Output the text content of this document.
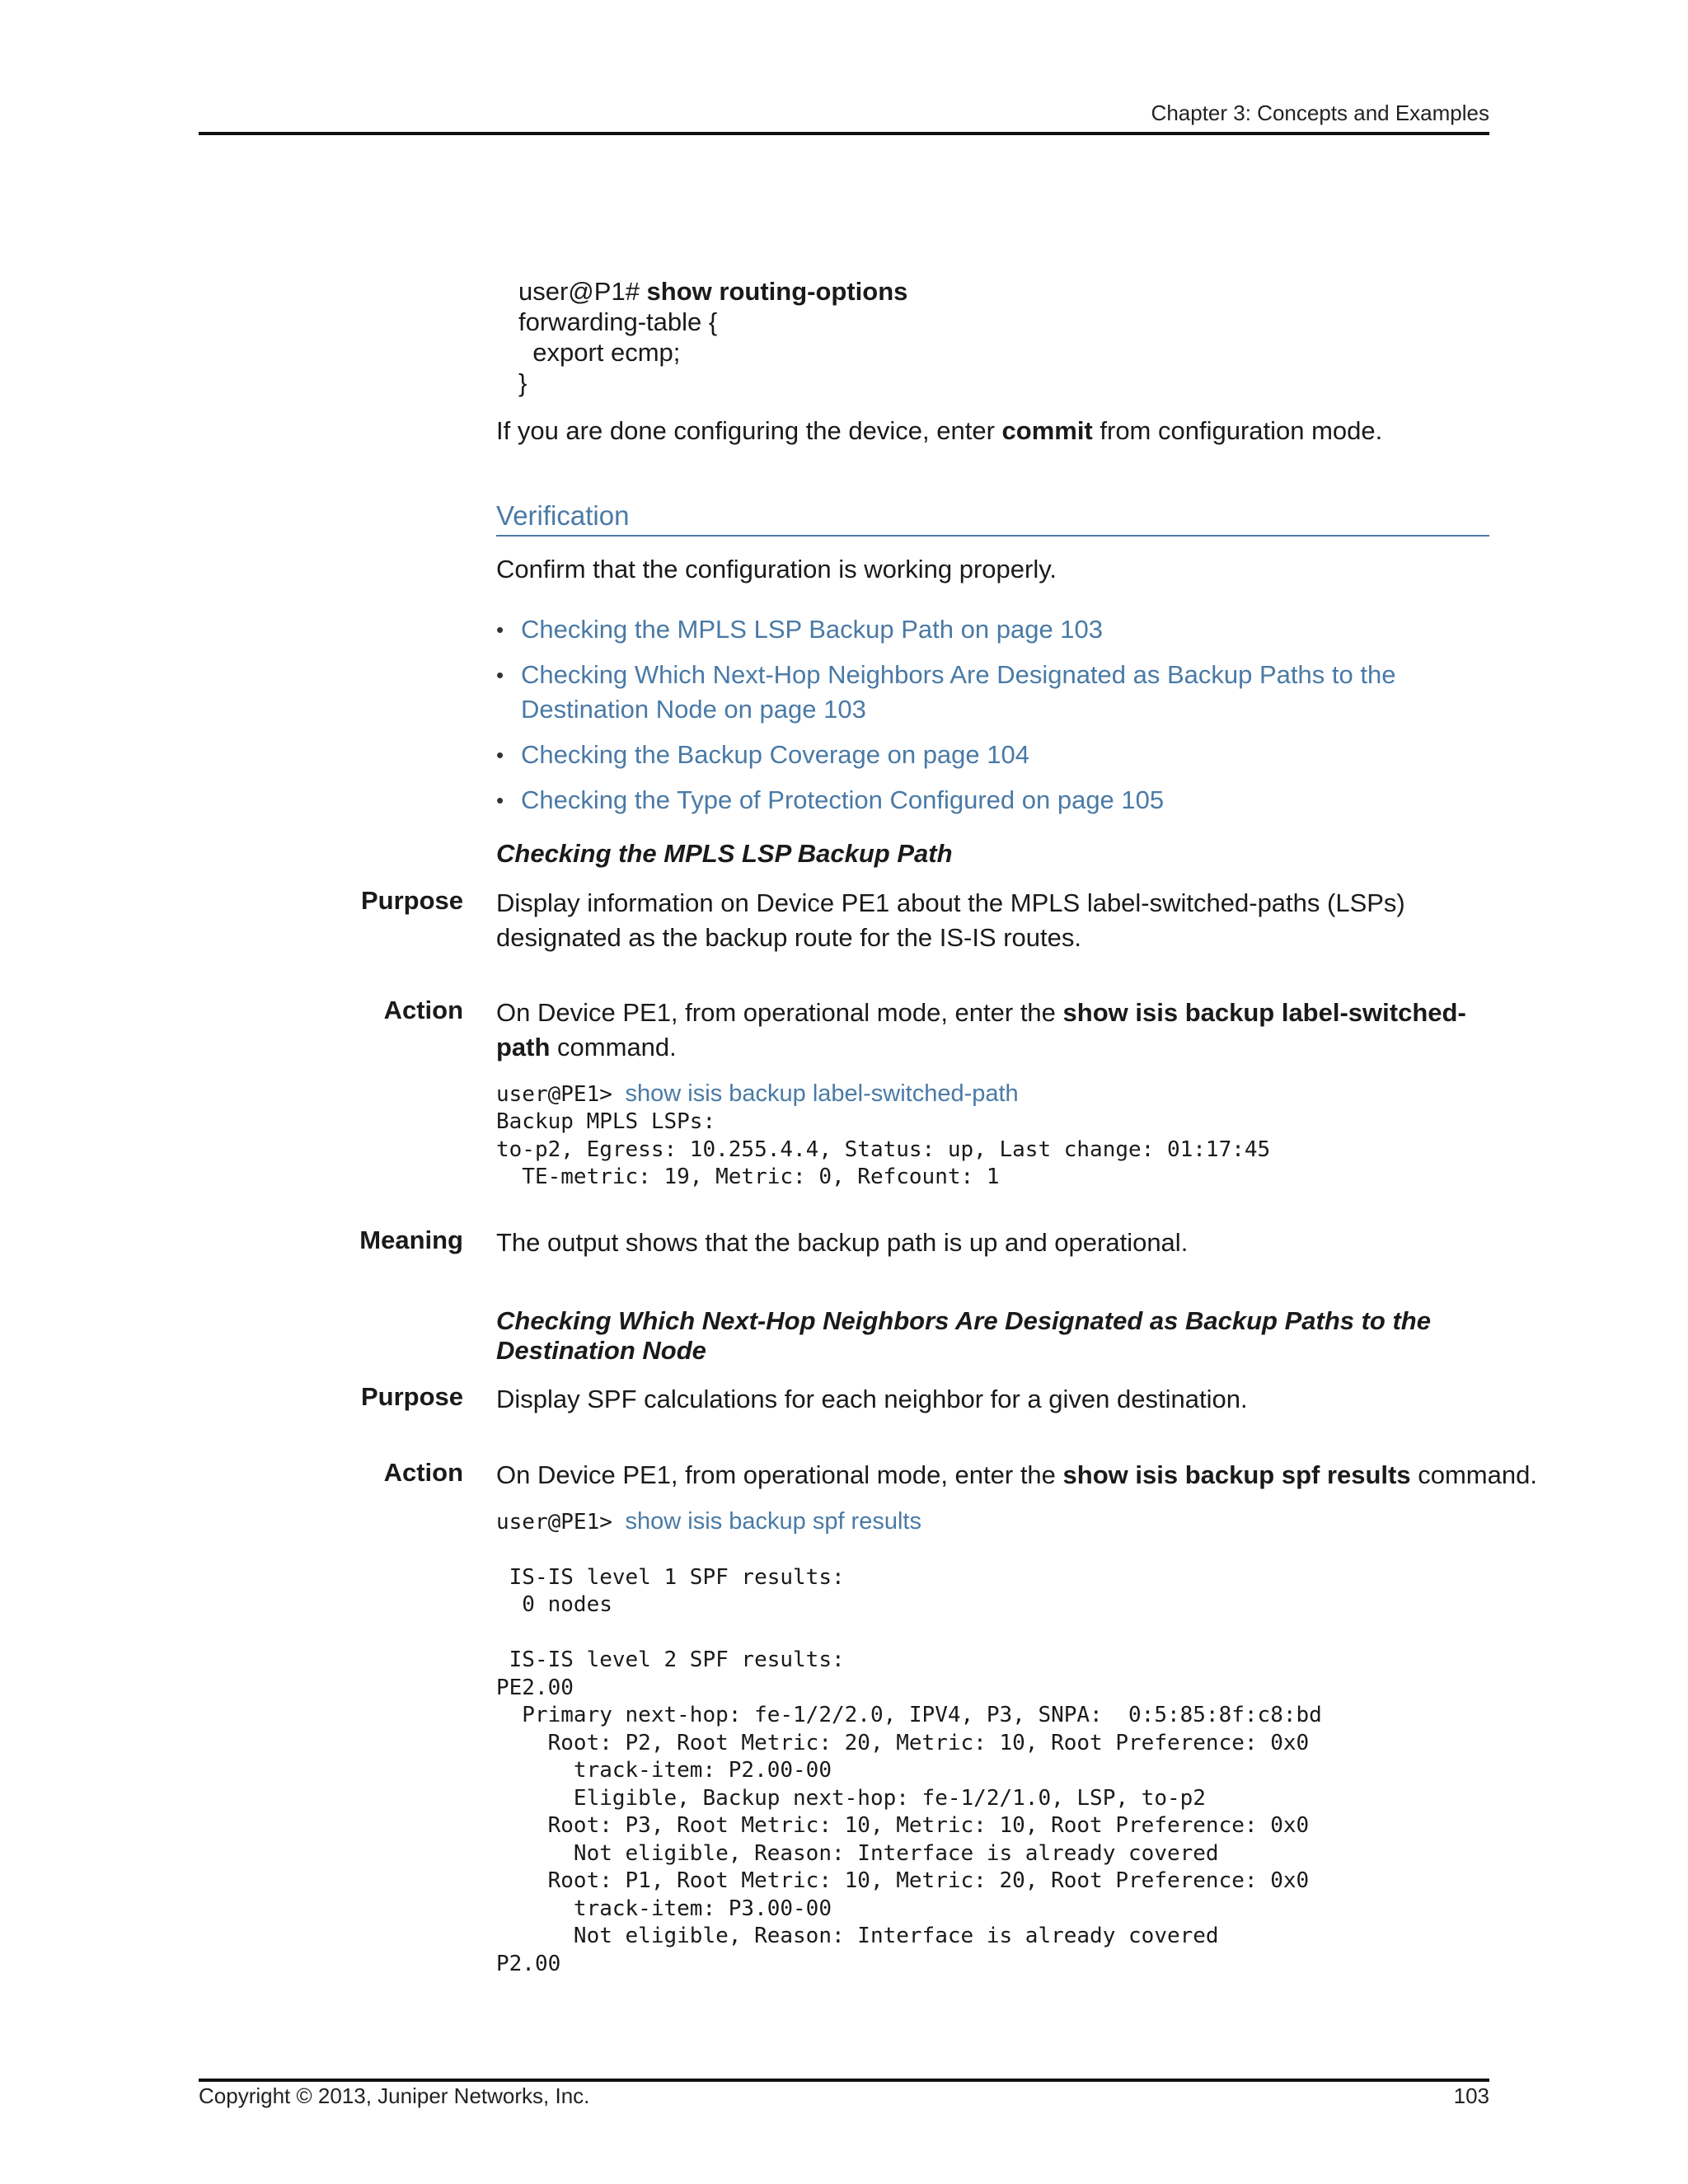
Chapter 3: Concepts and Examples
user@P1# show routing-options
forwarding-table {
export ecmp;
}
If you are done configuring the device, enter commit from configuration mode.
Verification
Confirm that the configuration is working properly.
• Checking the MPLS LSP Backup Path on page 103
• Checking Which Next-Hop Neighbors Are Designated as Backup Paths to the Destination Node on page 103
• Checking the Backup Coverage on page 104
• Checking the Type of Protection Configured on page 105
Checking the MPLS LSP Backup Path
Purpose Display information on Device PE1 about the MPLS label-switched-paths (LSPs) designated as the backup route for the IS-IS routes.
Action On Device PE1, from operational mode, enter the show isis backup label-switched-path command.
user@PE1> show isis backup label-switched-path
Backup MPLS LSPs:
to-p2, Egress: 10.255.4.4, Status: up, Last change: 01:17:45
TE-metric: 19, Metric: 0, Refcount: 1
Meaning The output shows that the backup path is up and operational.
Checking Which Next-Hop Neighbors Are Designated as Backup Paths to the Destination Node
Purpose Display SPF calculations for each neighbor for a given destination.
Action On Device PE1, from operational mode, enter the show isis backup spf results command.
user@PE1> show isis backup spf results

IS-IS level 1 SPF results:
0 nodes

IS-IS level 2 SPF results:
PE2.00
Primary next-hop: fe-1/2/2.0, IPV4, P3, SNPA:  0:5:85:8f:c8:bd
Root: P2, Root Metric: 20, Metric: 10, Root Preference: 0x0
track-item: P2.00-00
Eligible, Backup next-hop: fe-1/2/1.0, LSP, to-p2
Root: P3, Root Metric: 10, Metric: 10, Root Preference: 0x0
Not eligible, Reason: Interface is already covered
Root: P1, Root Metric: 10, Metric: 20, Root Preference: 0x0
track-item: P3.00-00
Not eligible, Reason: Interface is already covered
P2.00
Copyright © 2013, Juniper Networks, Inc.	103
